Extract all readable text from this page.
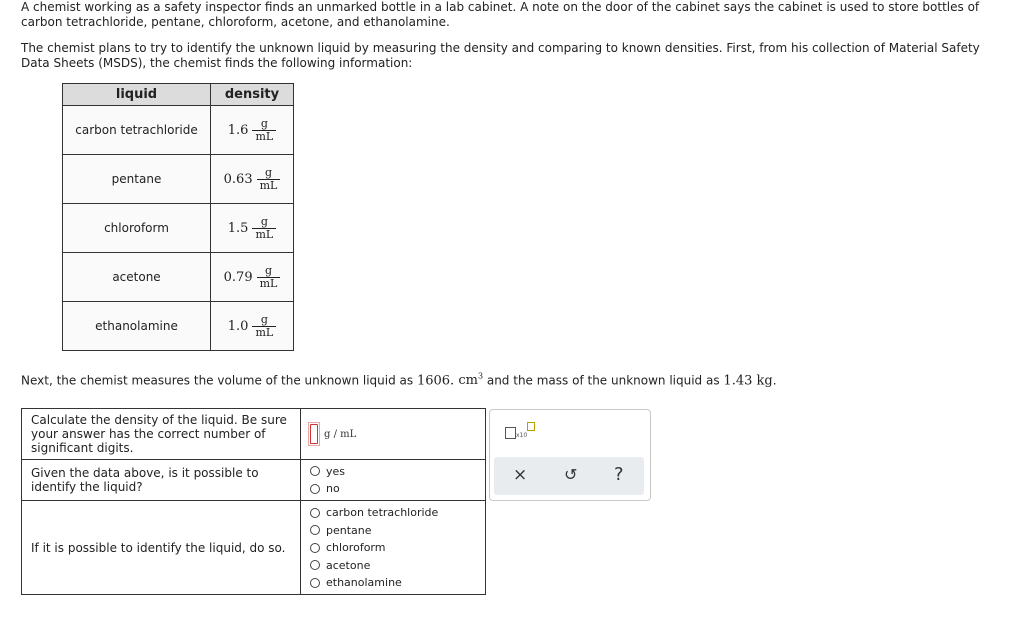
A chemist working as a safety inspector finds an unmarked bottle in a lab cabinet. A note on the door of the cabinet says the cabinet is used to store bottles of carbon tetrachloride, pentane, chloroform, acetone, and ethanolamine.

The chemist plans to try to identify the unknown liquid by measuring the density and comparing to known densities. First, from his collection of Material Safety Data Sheets (MSDS), the chemist finds the following information:

liquid	density
carbon tetrachloride	$1.6 \frac{g}{mL}$

pentane	$0.63 \frac{g}{mL}$

chloroform	$1.5 \frac{g}{mL}$

acetone	$0.79 \frac{g}{mL}$

ethanolamine	$1.0 \frac{g}{mL}$

Next, the chemist measures the volume of the unknown liquid as 1606. $cm^3$ and the mass of the unknown liquid as 1.43 kg.

Calculate the density of the liquid. Be sure your answer has the correct number of significant digits.	g / mL

Given the data above, is it possible to identify the liquid?	yes
no

If it is possible to identify the liquid, do so.	carbon tetrachloride
pentane
chloroform
acetone
ethanolamine
x10
× ↺ ?
